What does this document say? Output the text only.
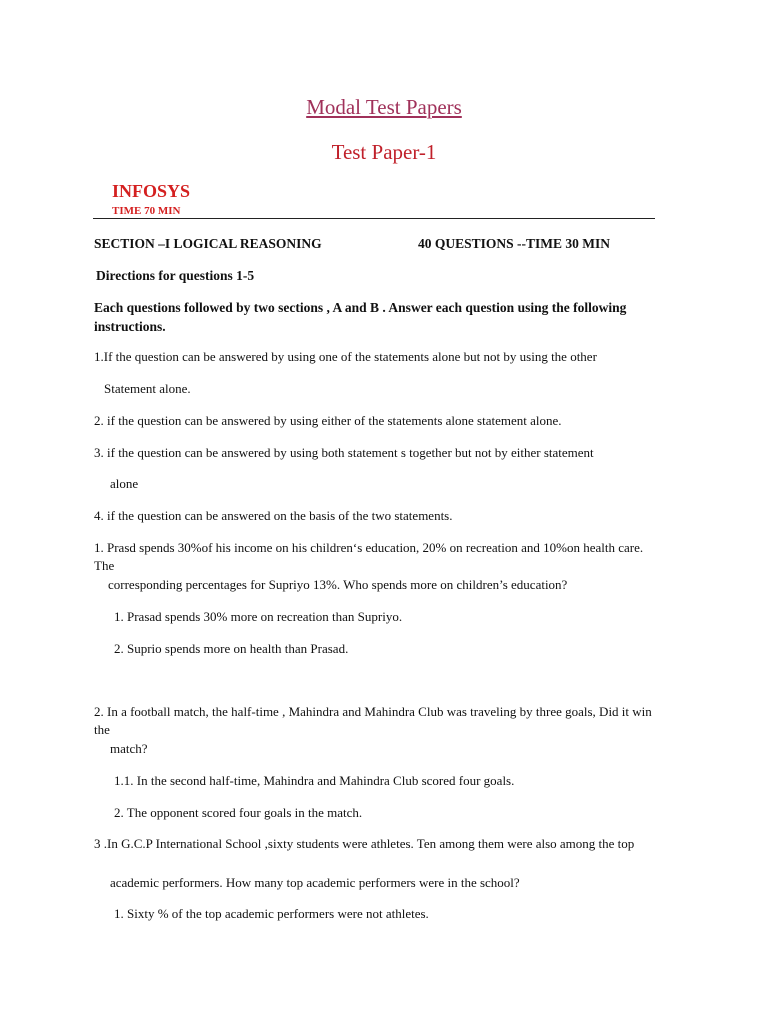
Modal Test Papers
Test Paper-1
INFOSYS
TIME 70 MIN
SECTION –I LOGICAL REASONING	40 QUESTIONS --TIME 30 MIN
Directions for questions 1-5
Each questions followed by two sections , A and B . Answer each question using the following instructions.
1.If the question can be answered by using one of the statements alone but not by using the other
Statement alone.
2. if the question can be answered by using either of the statements alone statement alone.
3. if the question can be answered by using both statement s together but not by either statement
alone
4. if the question can be answered on the basis of the two statements.
1. Prasd spends 30%of his income on his children‘s education, 20% on recreation and 10%on health care. The
corresponding percentages for Supriyo 13%. Who spends more on children’s education?
1. Prasad spends 30% more on recreation than Supriyo.
2. Suprio spends more on health than Prasad.
2. In a football match, the half-time , Mahindra and Mahindra Club was traveling by three goals, Did it win the
match?
1.1. In the second half-time, Mahindra and Mahindra Club scored four goals.
2. The opponent scored four goals in the match.
3 .In G.C.P International School ,sixty students were athletes. Ten among them were also among the top
academic performers. How many top academic performers were in the school?
1. Sixty % of the top academic performers were not athletes.
